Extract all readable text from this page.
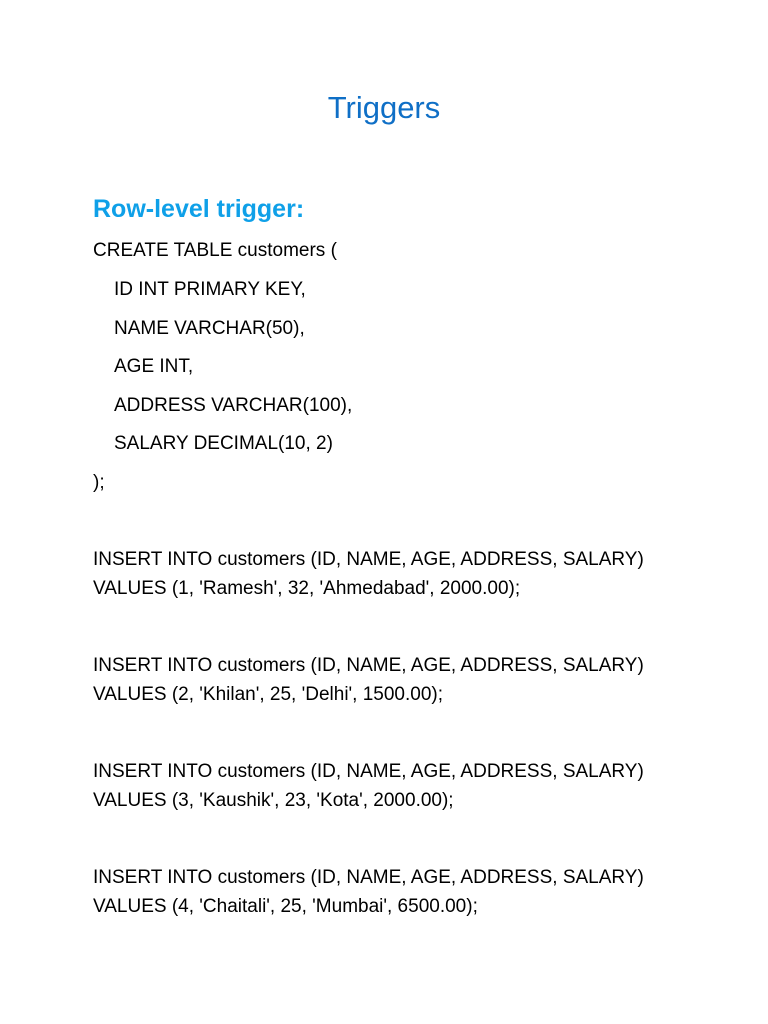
Triggers
Row-level trigger:
CREATE TABLE customers (
ID INT PRIMARY KEY,
NAME VARCHAR(50),
AGE INT,
ADDRESS VARCHAR(100),
SALARY DECIMAL(10, 2)
);
INSERT INTO customers (ID, NAME, AGE, ADDRESS, SALARY)
VALUES (1, 'Ramesh', 32, 'Ahmedabad', 2000.00);
INSERT INTO customers (ID, NAME, AGE, ADDRESS, SALARY)
VALUES (2, 'Khilan', 25, 'Delhi', 1500.00);
INSERT INTO customers (ID, NAME, AGE, ADDRESS, SALARY)
VALUES (3, 'Kaushik', 23, 'Kota', 2000.00);
INSERT INTO customers (ID, NAME, AGE, ADDRESS, SALARY)
VALUES (4, 'Chaitali', 25, 'Mumbai', 6500.00);
